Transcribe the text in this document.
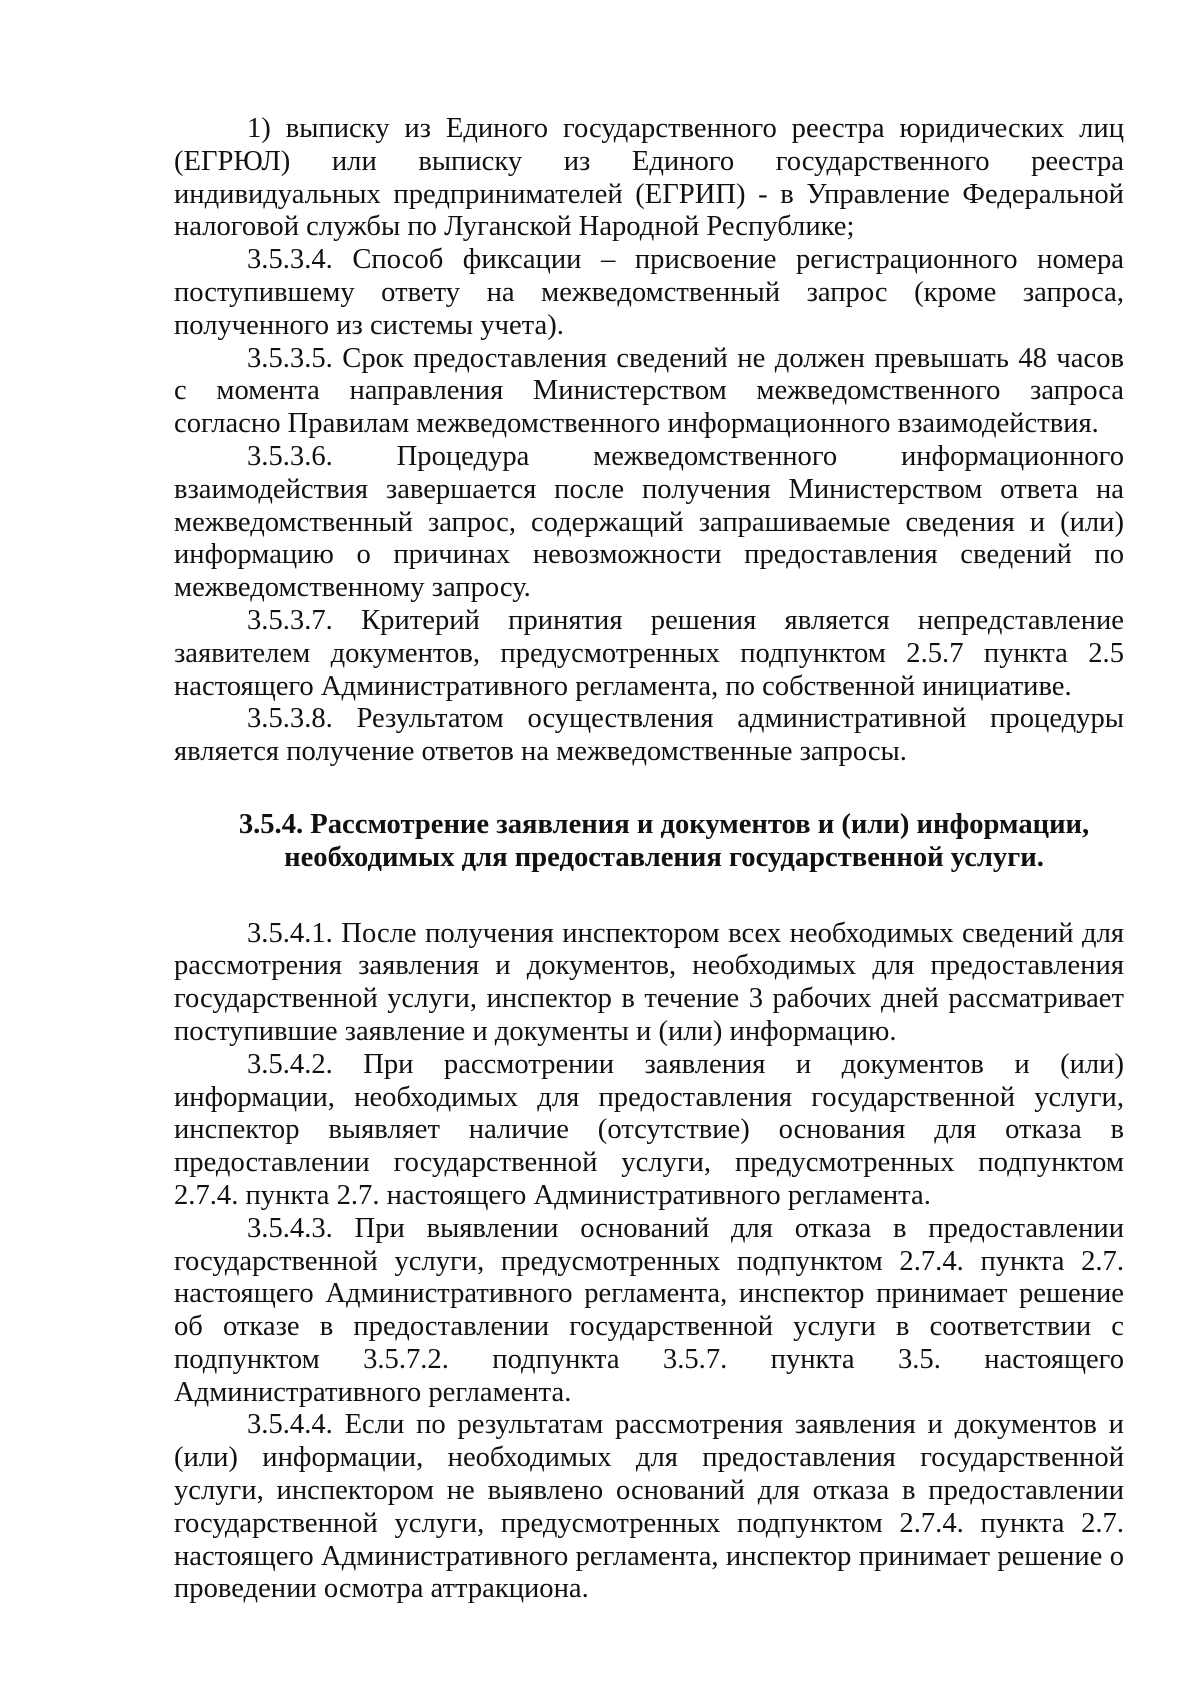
1) выписку из Единого государственного реестра юридических лиц (ЕГРЮЛ) или выписку из Единого государственного реестра индивидуальных предпринимателей (ЕГРИП) - в Управление Федеральной налоговой службы по Луганской Народной Республике;

3.5.3.4. Способ фиксации – присвоение регистрационного номера поступившему ответу на межведомственный запрос (кроме запроса, полученного из системы учета).

3.5.3.5. Срок предоставления сведений не должен превышать 48 часов с момента направления Министерством межведомственного запроса согласно Правилам межведомственного информационного взаимодействия.

3.5.3.6. Процедура межведомственного информационного взаимодействия завершается после получения Министерством ответа на межведомственный запрос, содержащий запрашиваемые сведения и (или) информацию о причинах невозможности предоставления сведений по межведомственному запросу.

3.5.3.7. Критерий принятия решения является непредставление заявителем документов, предусмотренных подпунктом 2.5.7 пункта 2.5 настоящего Административного регламента, по собственной инициативе.

3.5.3.8. Результатом осуществления административной процедуры является получение ответов на межведомственные запросы.

3.5.4. Рассмотрение заявления и документов и (или) информации,

необходимых для предоставления государственной услуги.

3.5.4.1. После получения инспектором всех необходимых сведений для рассмотрения заявления и документов, необходимых для предоставления государственной услуги, инспектор в течение 3 рабочих дней рассматривает поступившие заявление и документы и (или) информацию.

3.5.4.2. При рассмотрении заявления и документов и (или) информации, необходимых для предоставления государственной услуги, инспектор выявляет наличие (отсутствие) основания для отказа в предоставлении государственной услуги, предусмотренных подпунктом 2.7.4. пункта 2.7. настоящего Административного регламента.

3.5.4.3. При выявлении оснований для отказа в предоставлении государственной услуги, предусмотренных подпунктом 2.7.4. пункта 2.7. настоящего Административного регламента, инспектор принимает решение об отказе в предоставлении государственной услуги в соответствии с подпунктом 3.5.7.2. подпункта 3.5.7. пункта 3.5. настоящего Административного регламента.

3.5.4.4. Если по результатам рассмотрения заявления и документов и (или) информации, необходимых для предоставления государственной услуги, инспектором не выявлено оснований для отказа в предоставлении государственной услуги, предусмотренных подпунктом 2.7.4. пункта 2.7. настоящего Административного регламента, инспектор принимает решение о проведении осмотра аттракциона.
